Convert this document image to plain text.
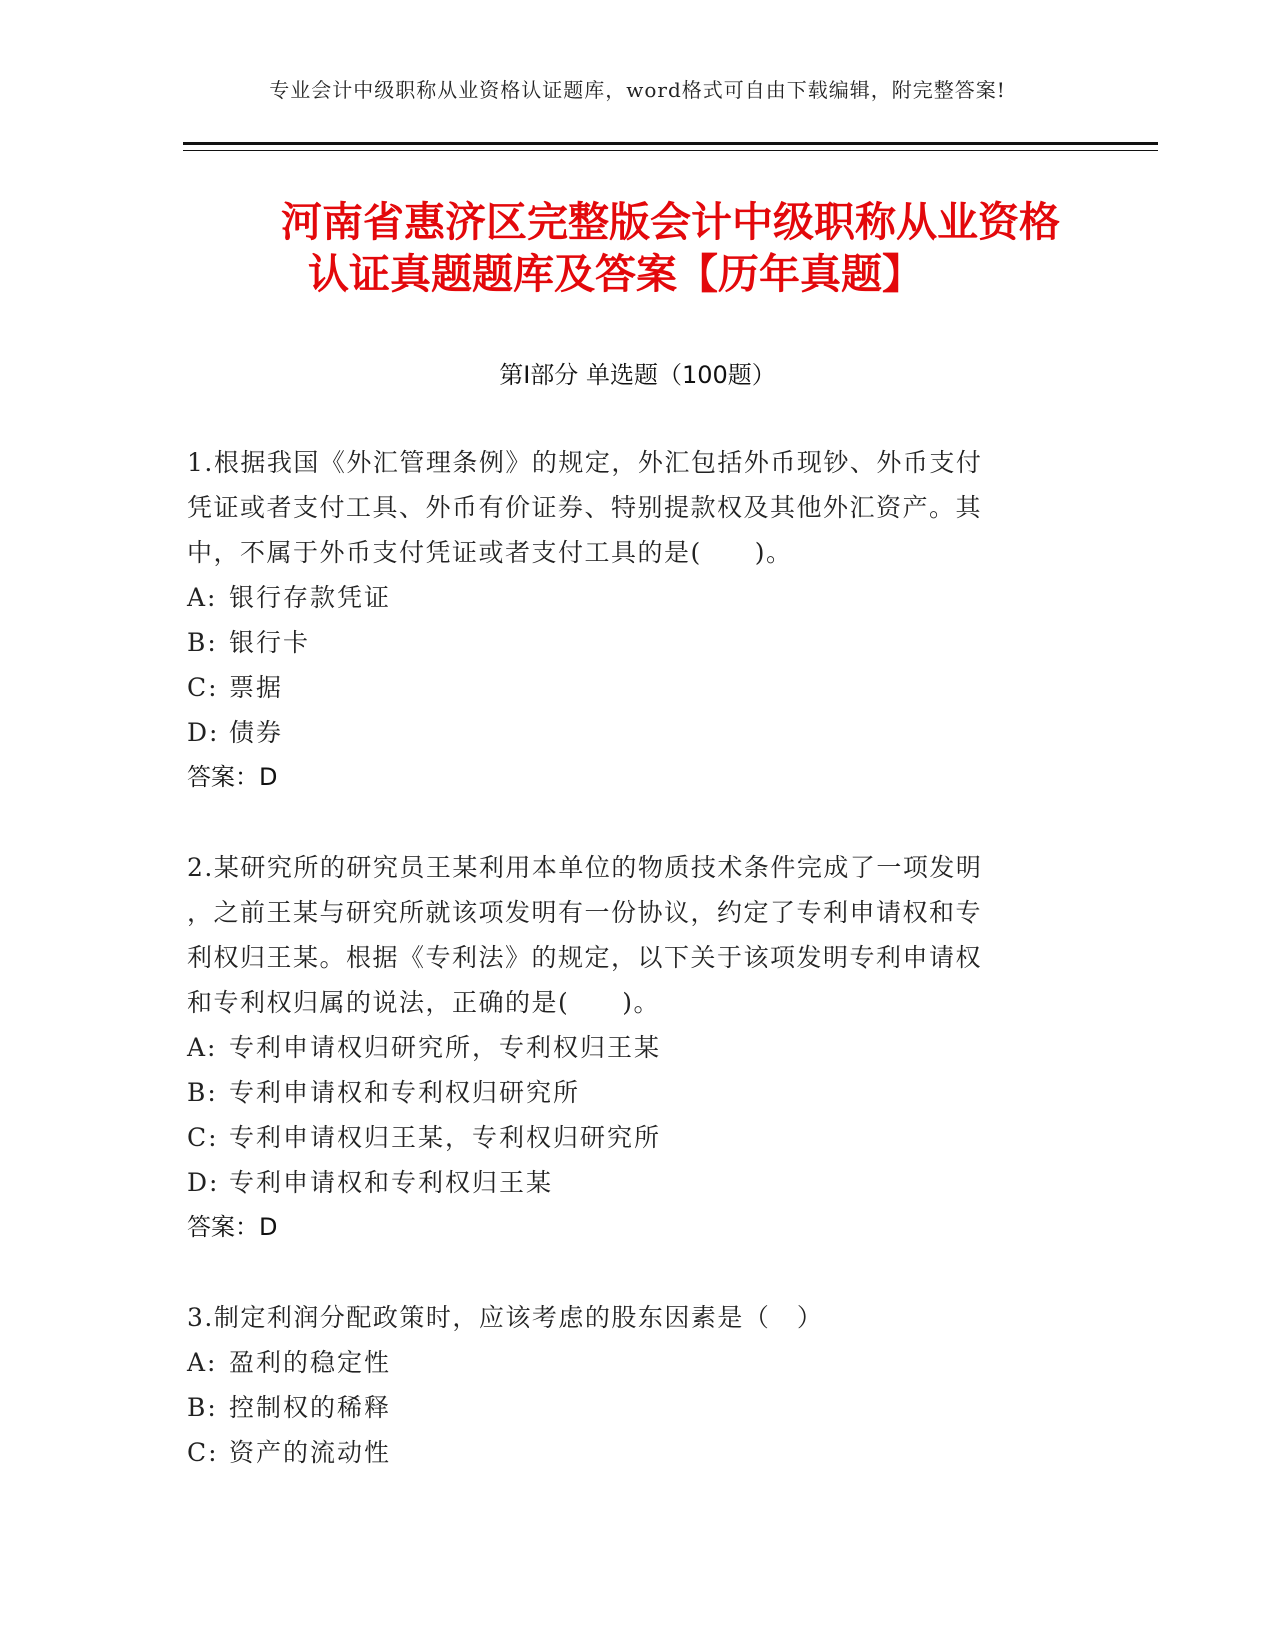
专业会计中级职称从业资格认证题库，word格式可自由下载编辑，附完整答案!
河南省惠济区完整版会计中级职称从业资格
认证真题题库及答案【历年真题】
第Ⅰ部分 单选题（100题）
1.根据我国《外汇管理条例》的规定，外汇包括外币现钞、外币支付
凭证或者支付工具、外币有价证券、特别提款权及其他外汇资产。其
中，不属于外币支付凭证或者支付工具的是(　　)。
A: 银行存款凭证
B: 银行卡
C: 票据
D: 债券
答案：D
2.某研究所的研究员王某利用本单位的物质技术条件完成了一项发明
，之前王某与研究所就该项发明有一份协议，约定了专利申请权和专
利权归王某。根据《专利法》的规定，以下关于该项发明专利申请权
和专利权归属的说法，正确的是(　　)。
A: 专利申请权归研究所，专利权归王某
B: 专利申请权和专利权归研究所
C: 专利申请权归王某，专利权归研究所
D: 专利申请权和专利权归王某
答案：D
3.制定利润分配政策时，应该考虑的股东因素是（　）
A: 盈利的稳定性
B: 控制权的稀释
C: 资产的流动性
